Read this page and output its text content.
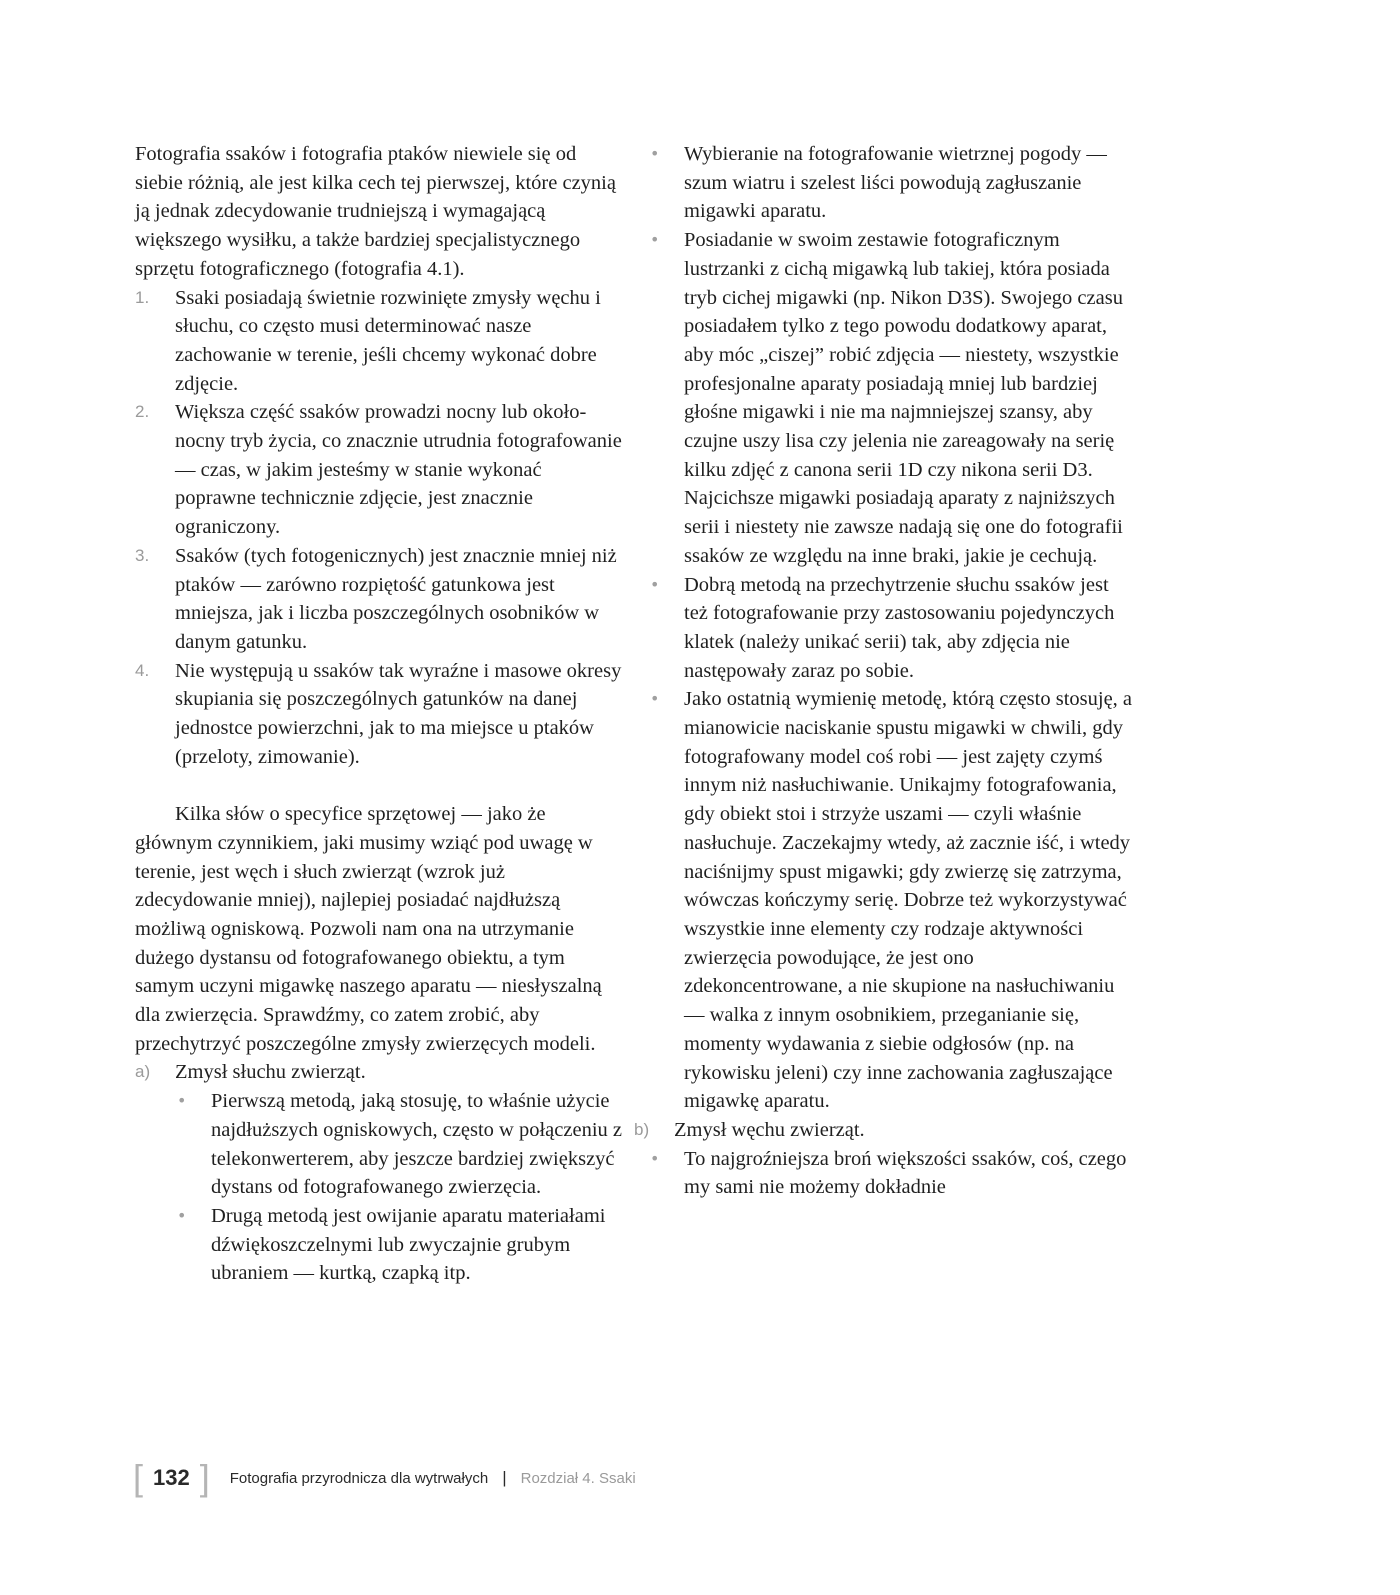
Fotografia ssaków i fotografia ptaków niewiele się od siebie różnią, ale jest kilka cech tej pierwszej, które czynią ją jednak zdecydowanie trudniejszą i wymagającą większego wysiłku, a także bardziej specjalistycznego sprzętu fotograficznego (fotografia 4.1).

1. Ssaki posiadają świetnie rozwinięte zmysły węchu i słuchu, co często musi determinować nasze zachowanie w terenie, jeśli chcemy wykonać dobre zdjęcie.
2. Większa część ssaków prowadzi nocny lub około-nocny tryb życia, co znacznie utrudnia fotografowanie — czas, w jakim jesteśmy w stanie wykonać poprawne technicznie zdjęcie, jest znacznie ograniczony.
3. Ssaków (tych fotogenicznych) jest znacznie mniej niż ptaków — zarówno rozpiętość gatunkowa jest mniejsza, jak i liczba poszczególnych osobników w danym gatunku.
4. Nie występują u ssaków tak wyraźne i masowe okresy skupiania się poszczególnych gatunków na danej jednostce powierzchni, jak to ma miejsce u ptaków (przeloty, zimowanie).

Kilka słów o specyfice sprzętowej — jako że głównym czynnikiem, jaki musimy wziąć pod uwagę w terenie, jest węch i słuch zwierząt (wzrok już zdecydowanie mniej), najlepiej posiadać najdłuższą możliwą ogniskową. Pozwoli nam ona na utrzymanie dużego dystansu od fotografowanego obiektu, a tym samym uczyni migawkę naszego aparatu — niesłyszalną dla zwierzęcia. Sprawdźmy, co zatem zrobić, aby przechytrzyć poszczególne zmysły zwierzęcych modeli.

a) Zmysł słuchu zwierząt.
• Pierwszą metodą, jaką stosuję, to właśnie użycie najdłuższych ogniskowych, często w połączeniu z telekonwerterem, aby jeszcze bardziej zwiększyć dystans od fotografowanego zwierzęcia.
• Drugą metodą jest owijanie aparatu materiałami dźwiękoszczelnymi lub zwyczajnie grubym ubraniem — kurtką, czapką itp.
• Wybieranie na fotografowanie wietrznej pogody — szum wiatru i szelest liści powodują zagłuszanie migawki aparatu.
• Posiadanie w swoim zestawie fotograficznym lustrzanki z cichą migawką lub takiej, która posiada tryb cichej migawki (np. Nikon D3S). Swojego czasu posiadałem tylko z tego powodu dodatkowy aparat, aby móc „ciszej” robić zdjęcia — niestety, wszystkie profesjonalne aparaty posiadają mniej lub bardziej głośne migawki i nie ma najmniejszej szansy, aby czujne uszy lisa czy jelenia nie zareagowały na serię kilku zdjęć z canona serii 1D czy nikona serii D3. Najcichsze migawki posiadają aparaty z najniższych serii i niestety nie zawsze nadają się one do fotografii ssaków ze względu na inne braki, jakie je cechują.
• Dobrą metodą na przechytrzenie słuchu ssaków jest też fotografowanie przy zastosowaniu pojedynczych klatek (należy unikać serii) tak, aby zdjęcia nie następowały zaraz po sobie.
• Jako ostatnią wymienię metodę, którą często stosuję, a mianowicie naciskanie spustu migawki w chwili, gdy fotografowany model coś robi — jest zajęty czymś innym niż nasłuchiwanie. Unikajmy fotografowania, gdy obiekt stoi i strzyże uszami — czyli właśnie nasłuchuje. Zaczekajmy wtedy, aż zacznie iść, i wtedy naciśnijmy spust migawki; gdy zwierzę się zatrzyma, wówczas kończymy serię. Dobrze też wykorzystywać wszystkie inne elementy czy rodzaje aktywności zwierzęcia powodujące, że jest ono zdekoncentrowane, a nie skupione na nasłuchiwaniu — walka z innym osobnikiem, przeganianie się, momenty wydawania z siebie odgłosów (np. na rykowisku jeleni) czy inne zachowania zagłuszające migawkę aparatu.
b) Zmysł węchu zwierząt.
• To najgroźniejsza broń większości ssaków, coś, czego my sami nie możemy dokładnie
[ 132 ] Fotografia przyrodnicza dla wytrwałych | Rozdział 4. Ssaki
